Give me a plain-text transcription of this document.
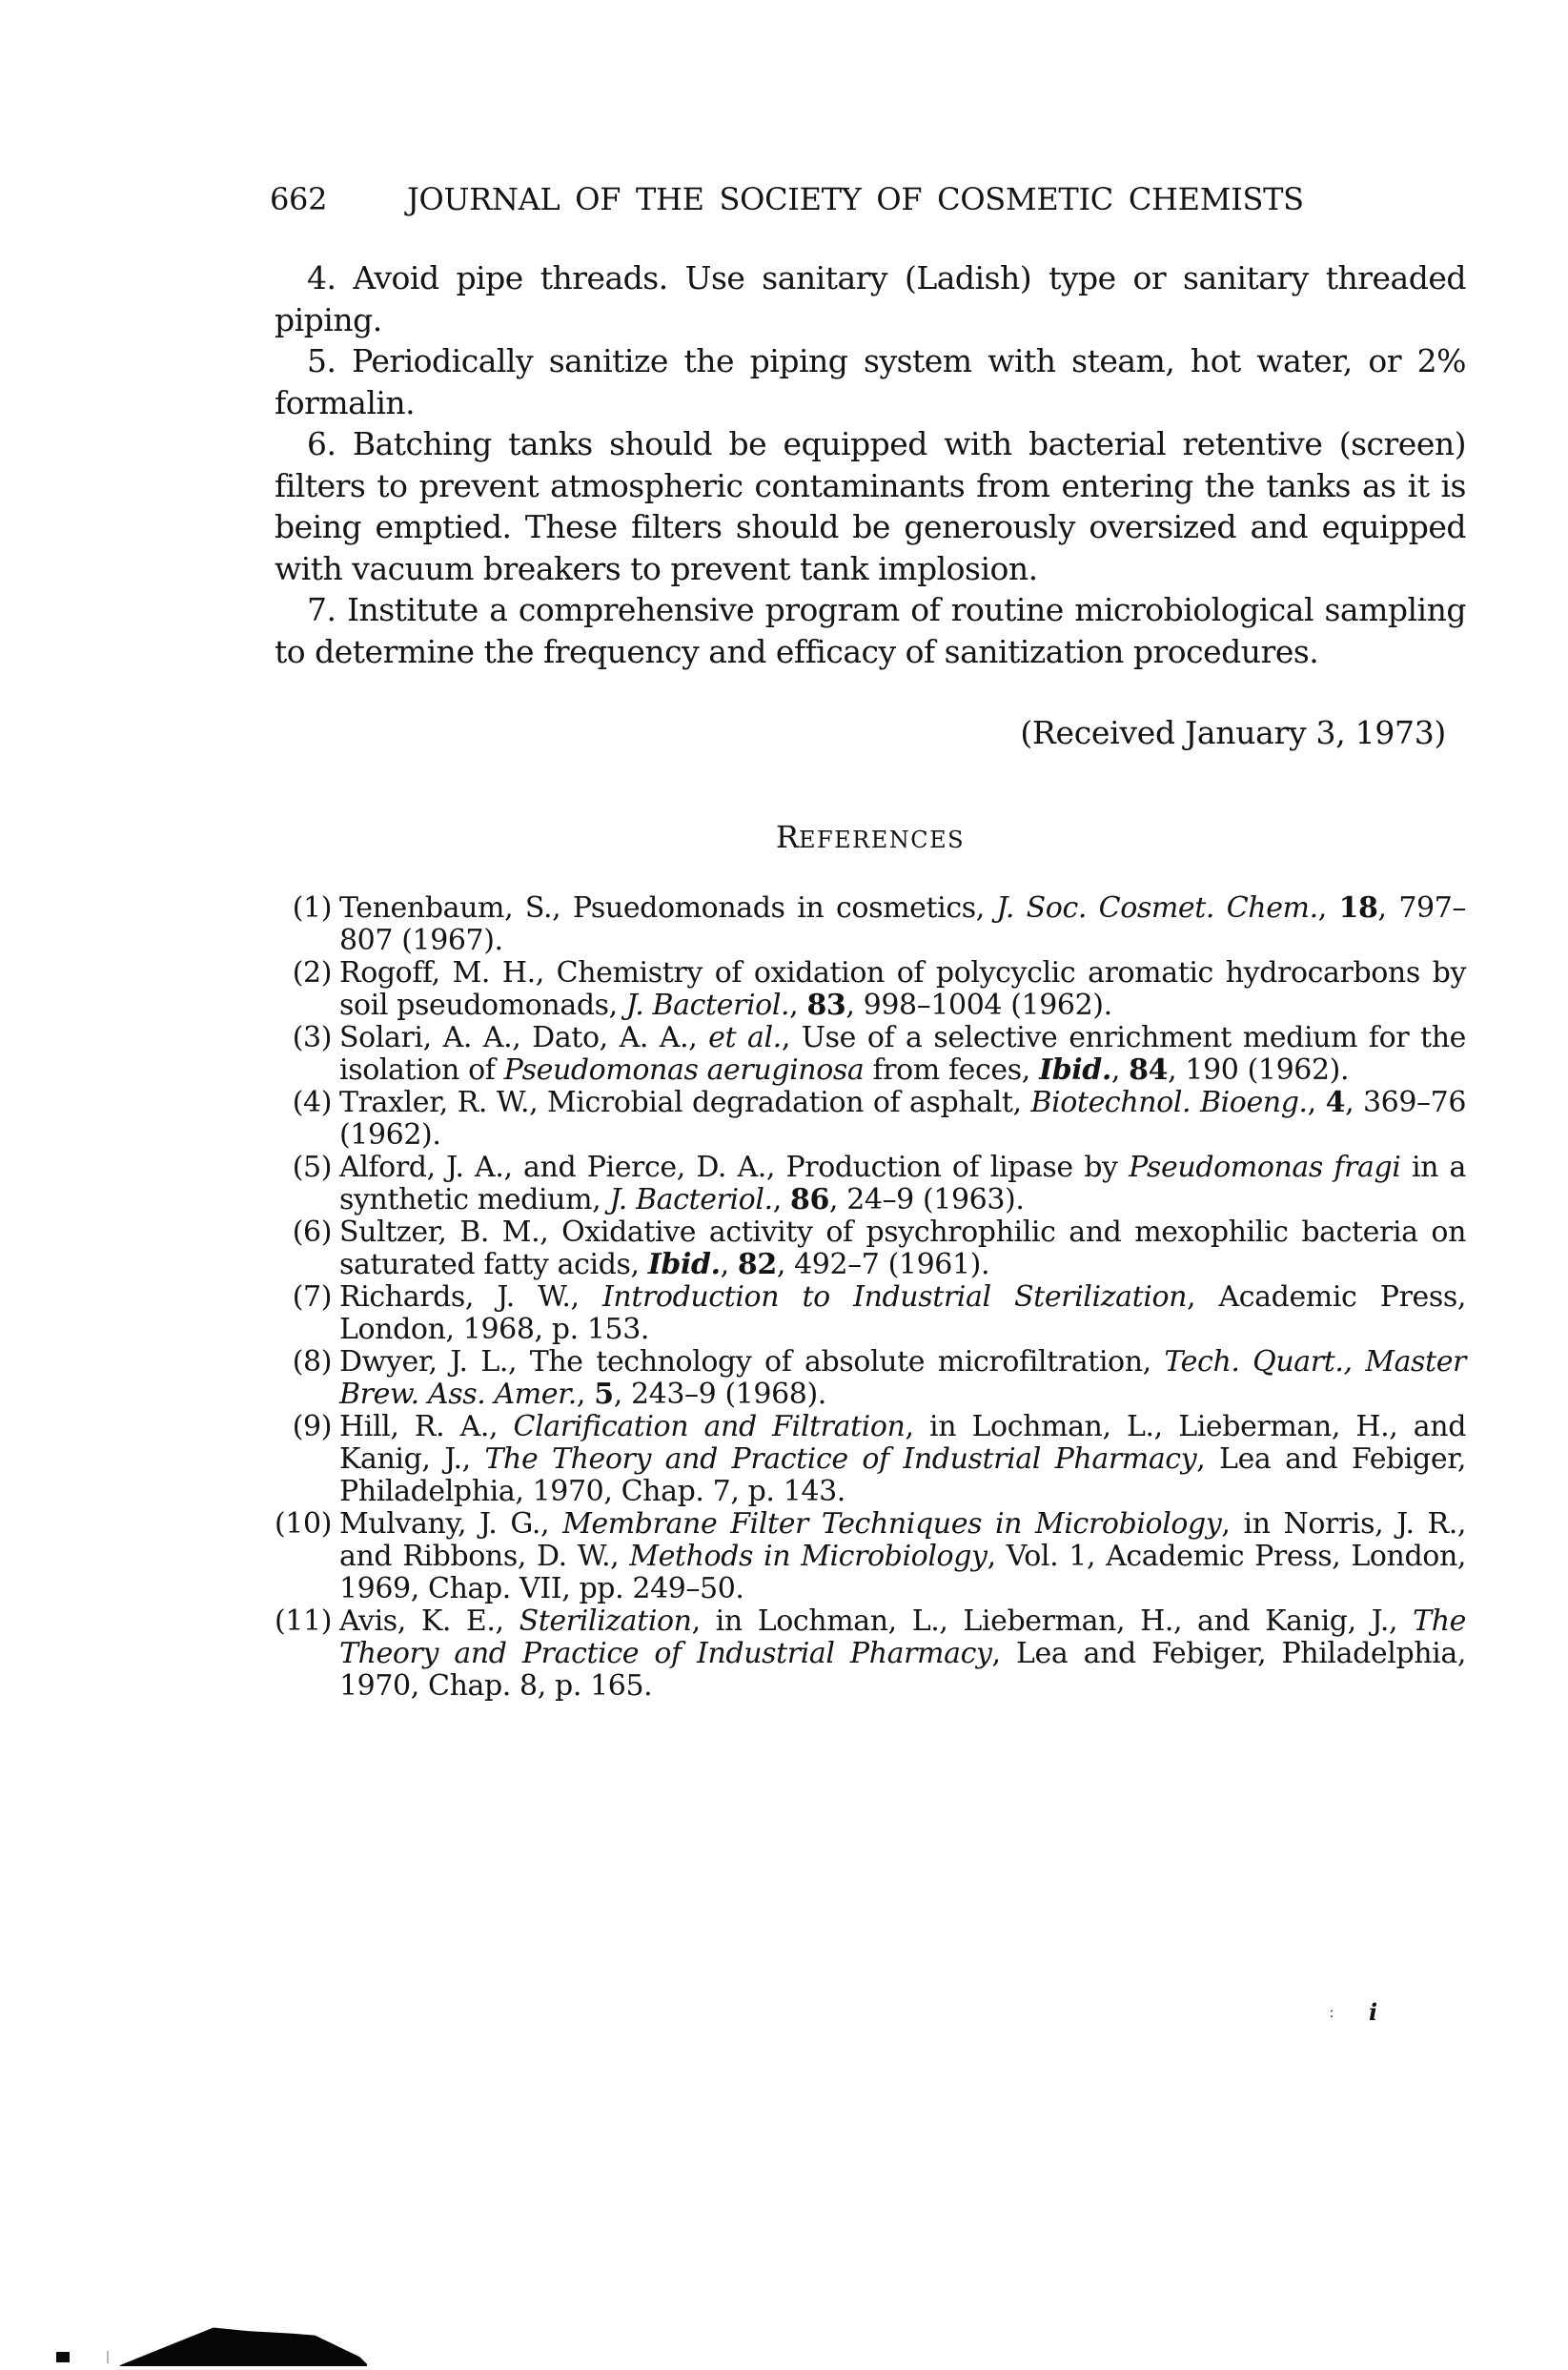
662	JOURNAL OF THE SOCIETY OF COSMETIC CHEMISTS
4. Avoid pipe threads. Use sanitary (Ladish) type or sanitary threaded
piping.
5. Periodically sanitize the piping system with steam, hot water, or 2%
formalin.
6. Batching tanks should be equipped with bacterial retentive (screen)
filters to prevent atmospheric contaminants from entering the tanks as it is
being emptied. These filters should be generously oversized and equipped
with vacuum breakers to prevent tank implosion.
7. Institute a comprehensive program of routine microbiological sampling
to determine the frequency and efficacy of sanitization procedures.
(Received January 3, 1973)
REFERENCES
(1) Tenenbaum, S., Psuedomonads in cosmetics, J. Soc. Cosmet. Chem., 18, 797–807 (1967).
(2) Rogoff, M. H., Chemistry of oxidation of polycyclic aromatic hydrocarbons by soil pseudomonads, J. Bacteriol., 83, 998–1004 (1962).
(3) Solari, A. A., Dato, A. A., et al., Use of a selective enrichment medium for the isolation of Pseudomonas aeruginosa from feces, Ibid., 84, 190 (1962).
(4) Traxler, R. W., Microbial degradation of asphalt, Biotechnol. Bioeng., 4, 369–76 (1962).
(5) Alford, J. A., and Pierce, D. A., Production of lipase by Pseudomonas fragi in a synthetic medium, J. Bacteriol., 86, 24–9 (1963).
(6) Sultzer, B. M., Oxidative activity of psychrophilic and mexophilic bacteria on saturated fatty acids, Ibid., 82, 492–7 (1961).
(7) Richards, J. W., Introduction to Industrial Sterilization, Academic Press, London, 1968, p. 153.
(8) Dwyer, J. L., The technology of absolute microfiltration, Tech. Quart., Master Brew. Ass. Amer., 5, 243–9 (1968).
(9) Hill, R. A., Clarification and Filtration, in Lochman, L., Lieberman, H., and Kanig, J., The Theory and Practice of Industrial Pharmacy, Lea and Febiger, Philadelphia, 1970, Chap. 7, p. 143.
(10) Mulvany, J. G., Membrane Filter Techniques in Microbiology, in Norris, J. R., and Ribbons, D. W., Methods in Microbiology, Vol. 1, Academic Press, London, 1969, Chap. VII, pp. 249–50.
(11) Avis, K. E., Sterilization, in Lochman, L., Lieberman, H., and Kanig, J., The Theory and Practice of Industrial Pharmacy, Lea and Febiger, Philadelphia, 1970, Chap. 8, p. 165.
: i
